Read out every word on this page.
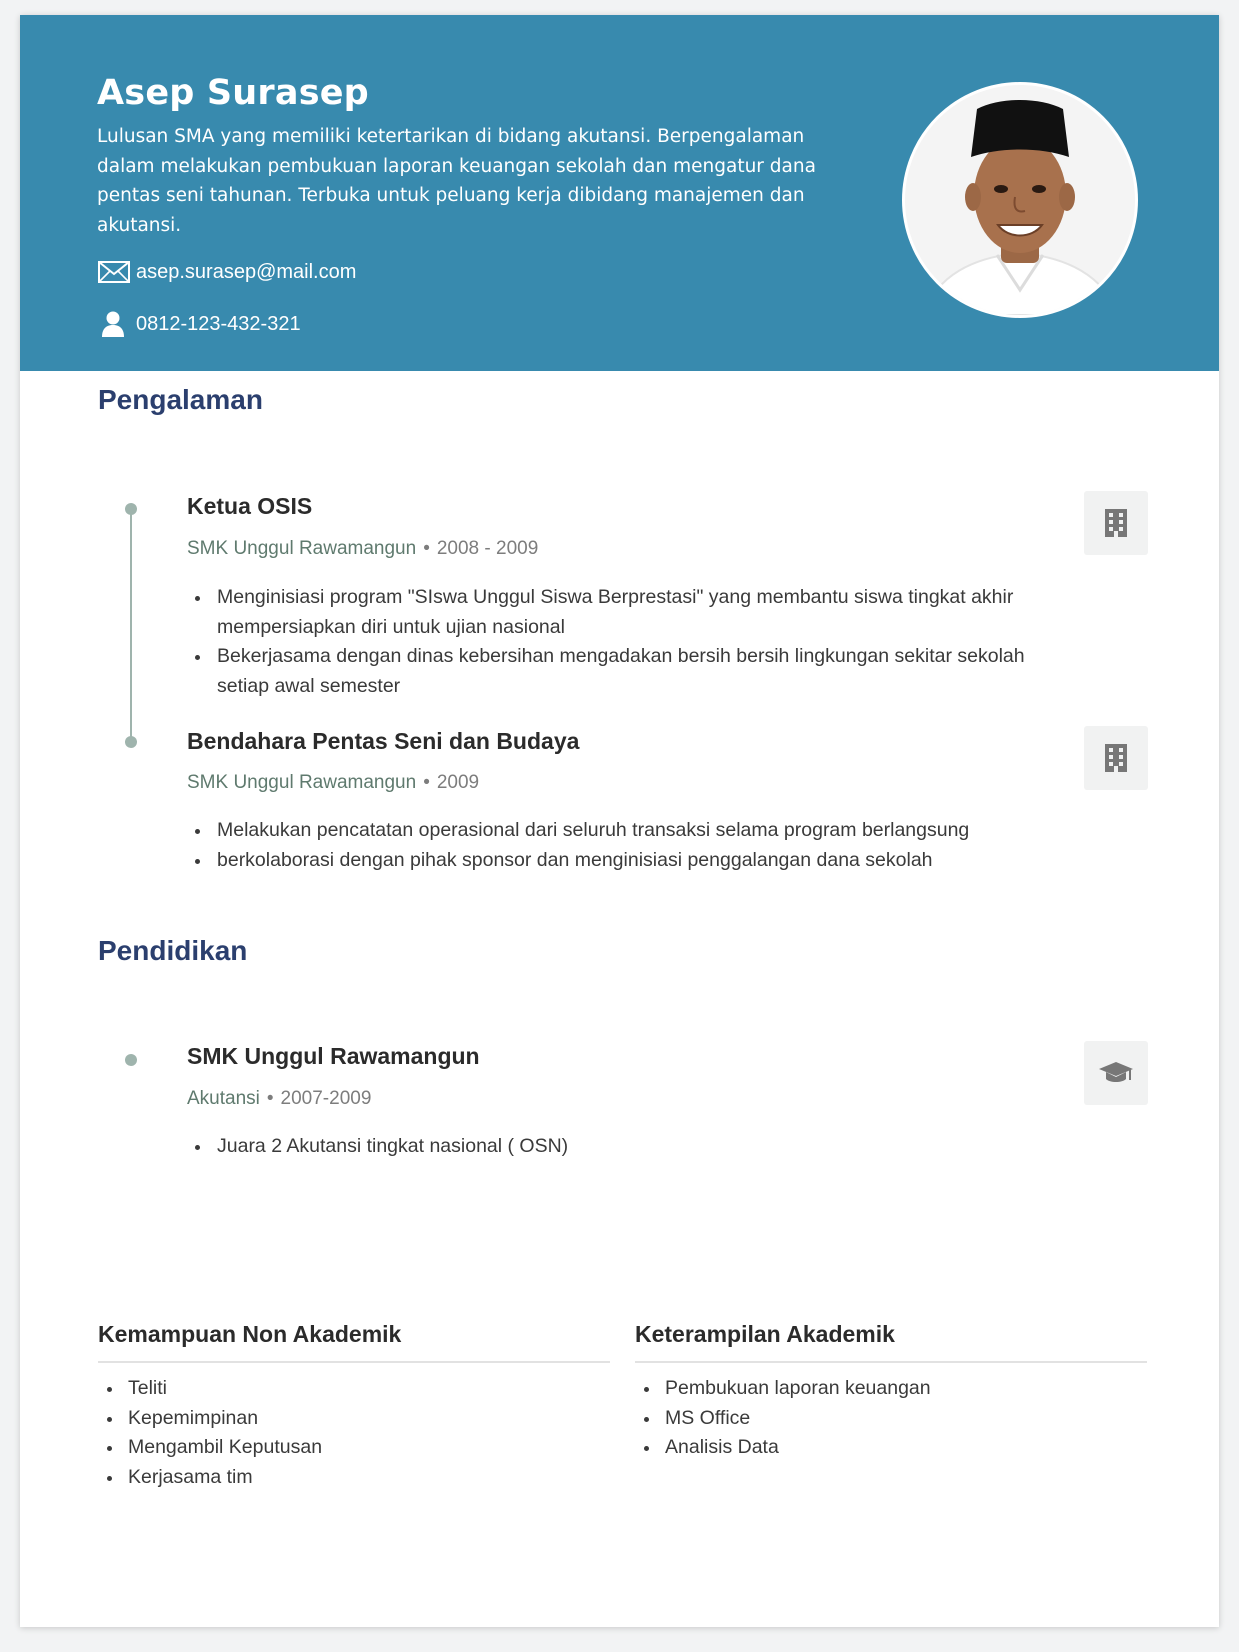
Asep Surasep
Lulusan SMA yang memiliki ketertarikan di bidang akutansi. Berpengalaman dalam melakukan pembukuan laporan keuangan sekolah dan mengatur dana pentas seni tahunan. Terbuka untuk peluang kerja dibidang manajemen dan akutansi.
asep.surasep@mail.com
0812-123-432-321
Pengalaman
Ketua OSIS
SMK Unggul Rawamangun • 2008 - 2009
Menginisiasi program "SIswa Unggul Siswa Berprestasi" yang membantu siswa tingkat akhir mempersiapkan diri untuk ujian nasional
Bekerjasama dengan dinas kebersihan mengadakan bersih bersih lingkungan sekitar sekolah setiap awal semester
Bendahara Pentas Seni dan Budaya
SMK Unggul Rawamangun • 2009
Melakukan pencatatan operasional dari seluruh transaksi selama program berlangsung
berkolaborasi dengan pihak sponsor dan menginisiasi penggalangan dana sekolah
Pendidikan
SMK Unggul Rawamangun
Akutansi • 2007-2009
Juara 2 Akutansi tingkat nasional ( OSN)
Kemampuan Non Akademik
Teliti
Kepemimpinan
Mengambil Keputusan
Kerjasama tim
Keterampilan Akademik
Pembukuan laporan keuangan
MS Office
Analisis Data
